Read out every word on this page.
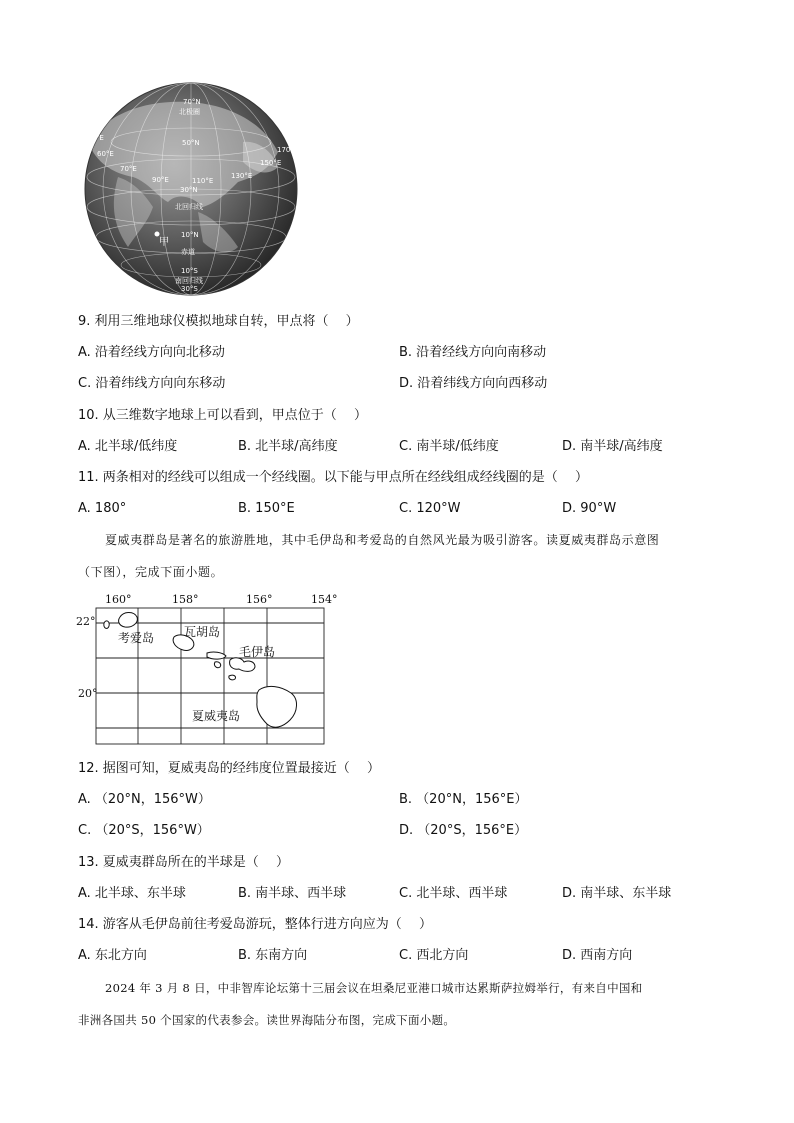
70°N
北极圈
50°N
30°E
60°E
70°E
90°E
30°N
110°E
130°E
150°E
170°E
北回归线
10°N
甲
赤道
10°S
南回归线
30°S
9. 利用三维地球仪模拟地球自转，甲点将（　 ）
A. 沿着经线方向向北移动	B. 沿着经线方向向南移动
C. 沿着纬线方向向东移动	D. 沿着纬线方向向西移动
10. 从三维数字地球上可以看到，甲点位于（　 ）
A. 北半球/低纬度	B. 北半球/高纬度	C. 南半球/低纬度	D. 南半球/高纬度
11. 两条相对的经线可以组成一个经线圈。以下能与甲点所在经线组成经线圈的是（　 ）
A. 180°	B. 150°E	C. 120°W	D. 90°W
夏威夷群岛是著名的旅游胜地，其中毛伊岛和考爱岛的自然风光最为吸引游客。读夏威夷群岛示意图
（下图），完成下面小题。
160°	158°	156°	154°
22°
20°
考爱岛 瓦胡岛
毛伊岛
夏威夷岛
12. 据图可知，夏威夷岛的经纬度位置最接近（　 ）
A. （20°N，156°W）	B. （20°N，156°E）
C. （20°S，156°W）	D. （20°S，156°E）
13. 夏威夷群岛所在的半球是（　 ）
A. 北半球、东半球	B. 南半球、西半球	C. 北半球、西半球	D. 南半球、东半球
14. 游客从毛伊岛前往考爱岛游玩，整体行进方向应为（　 ）
A. 东北方向	B. 东南方向	C. 西北方向	D. 西南方向
2024 年 3 月 8 日，中非智库论坛第十三届会议在坦桑尼亚港口城市达累斯萨拉姆举行，有来自中国和
非洲各国共 50 个国家的代表参会。读世界海陆分布图，完成下面小题。
